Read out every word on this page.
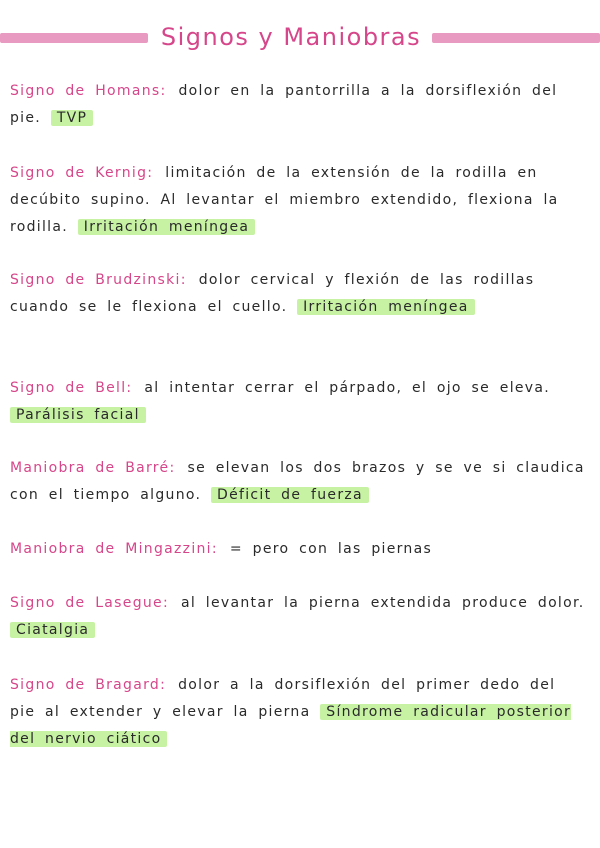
Signos y Maniobras
Signo de Homans: dolor en la pantorrilla a la dorsiflexión del pie. TVP
Signo de Kernig: limitación de la extensión de la rodilla en decúbito supino. Al levantar el miembro extendido, flexiona la rodilla. Irritación meníngea
Signo de Brudzinski: dolor cervical y flexión de las rodillas cuando se le flexiona el cuello. Irritación meníngea
Signo de Bell: al intentar cerrar el párpado, el ojo se eleva. Parálisis facial
Maniobra de Barré: se elevan los dos brazos y se ve si claudica con el tiempo alguno. Déficit de fuerza
Maniobra de Mingazzini: = pero con las piernas
Signo de Lasegue: al levantar la pierna extendida produce dolor. Ciatalgia
Signo de Bragard: dolor a la dorsiflexión del primer dedo del pie al extender y elevar la pierna Síndrome radicular posterior del nervio ciático
